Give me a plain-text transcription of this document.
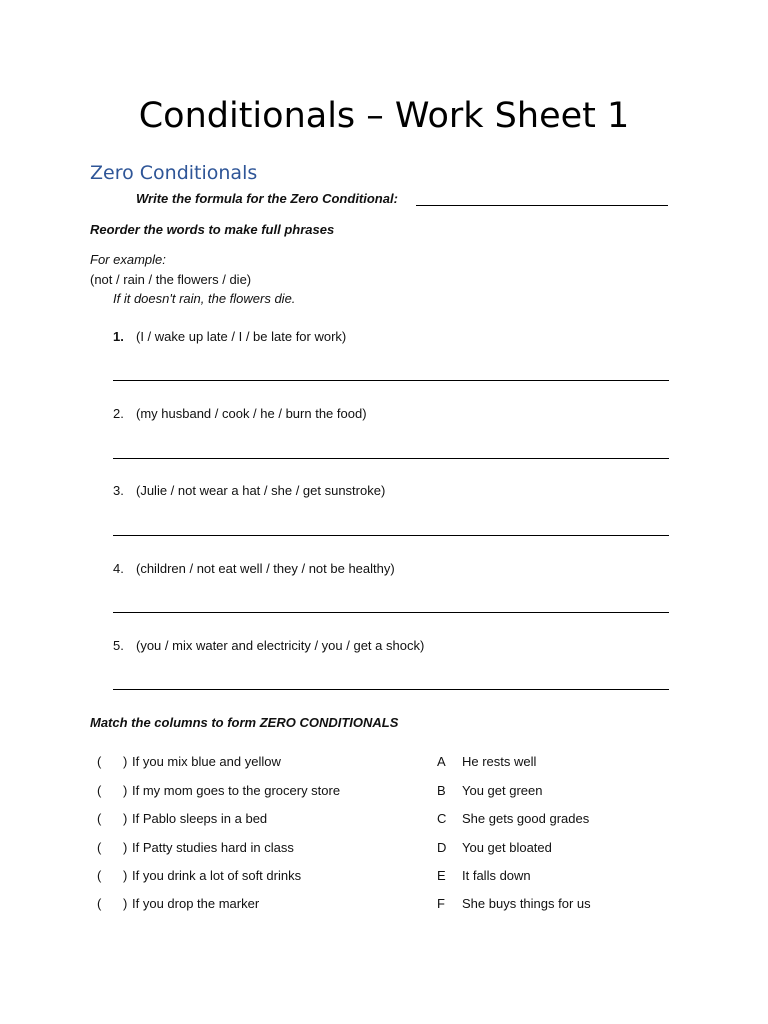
Conditionals – Work Sheet 1
Zero Conditionals
Write the formula for the Zero Conditional:
Reorder the words to make full phrases
For example:
(not / rain / the flowers / die)
If it doesn't rain, the flowers die.
1. (I / wake up late / I / be late for work)
2. (my husband / cook / he / burn the food)
3. (Julie / not wear a hat / she / get sunstroke)
4. (children / not eat well / they / not be healthy)
5. (you / mix water and electricity / you / get a shock)
Match the columns to form ZERO CONDITIONALS
( ) If you mix blue and yellow	A He rests well
( ) If my mom goes to the grocery store	B You get green
( ) If Pablo sleeps in a bed	C She gets good grades
( ) If Patty studies hard in class	D You get bloated
( ) If you drink a lot of soft drinks	E It falls down
( ) If you drop the marker	F She buys things for us
